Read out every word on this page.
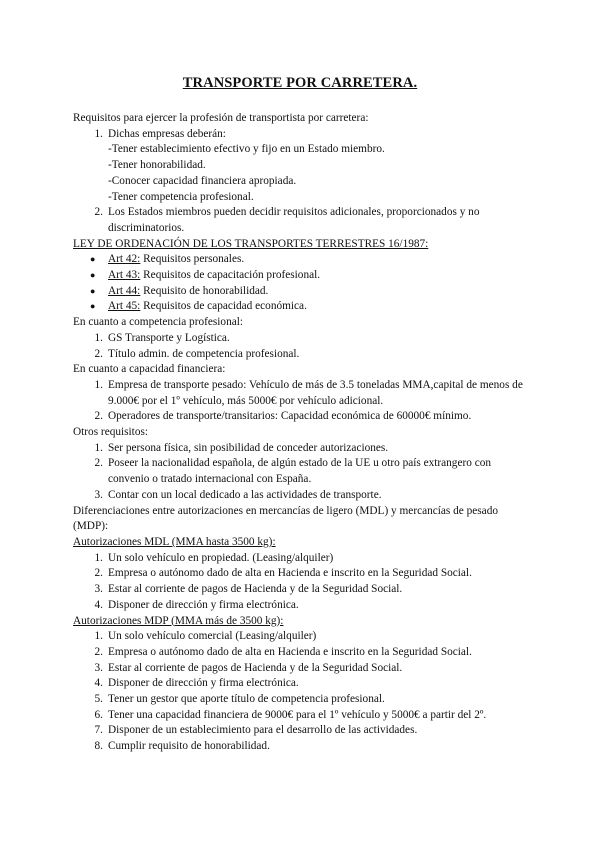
TRANSPORTE POR CARRETERA.

Requisitos para ejercer la profesión de transportista por carretera:

1. Dichas empresas deberán:
-Tener establecimiento efectivo y fijo en un Estado miembro.
-Tener honorabilidad.
-Conocer capacidad financiera apropiada.
-Tener competencia profesional.
2. Los Estados miembros pueden decidir requisitos adicionales, proporcionados y no discriminatorios.

LEY DE ORDENACIÓN DE LOS TRANSPORTES TERRESTRES 16/1987:

● Art 42: Requisitos personales.
● Art 43: Requisitos de capacitación profesional.
● Art 44: Requisito de honorabilidad.
● Art 45: Requisitos de capacidad económica.

En cuanto a competencia profesional:

1. GS Transporte y Logística.
2. Título admin. de competencia profesional.

En cuanto a capacidad financiera:

1. Empresa de transporte pesado: Vehículo de más de 3.5 toneladas MMA,capital de menos de 9.000€ por el 1º vehículo, más 5000€ por vehículo adicional.
2. Operadores de transporte/transitarios: Capacidad económica de 60000€ mínimo.

Otros requisitos:

1. Ser persona física, sin posibilidad de conceder autorizaciones.
2. Poseer la nacionalidad española, de algún estado de la UE u otro país extrangero con convenio o tratado internacional con España.
3. Contar con un local dedicado a las actividades de transporte.

Diferenciaciones entre autorizaciones en mercancías de ligero (MDL) y mercancías de pesado (MDP):

Autorizaciones MDL (MMA hasta 3500 kg):

1. Un solo vehículo en propiedad. (Leasing/alquiler)
2. Empresa o autónomo dado de alta en Hacienda e inscrito en la Seguridad Social.
3. Estar al corriente de pagos de Hacienda y de la Seguridad Social.
4. Disponer de dirección y firma electrónica.

Autorizaciones MDP (MMA más de 3500 kg):

1. Un solo vehículo comercial (Leasing/alquiler)
2. Empresa o autónomo dado de alta en Hacienda e inscrito en la Seguridad Social.
3. Estar al corriente de pagos de Hacienda y de la Seguridad Social.
4. Disponer de dirección y firma electrónica.
5. Tener un gestor que aporte título de competencia profesional.
6. Tener una capacidad financiera de 9000€ para el 1º vehículo y 5000€ a partir del 2º.
7. Disponer de un establecimiento para el desarrollo de las actividades.
8. Cumplir requisito de honorabilidad.
